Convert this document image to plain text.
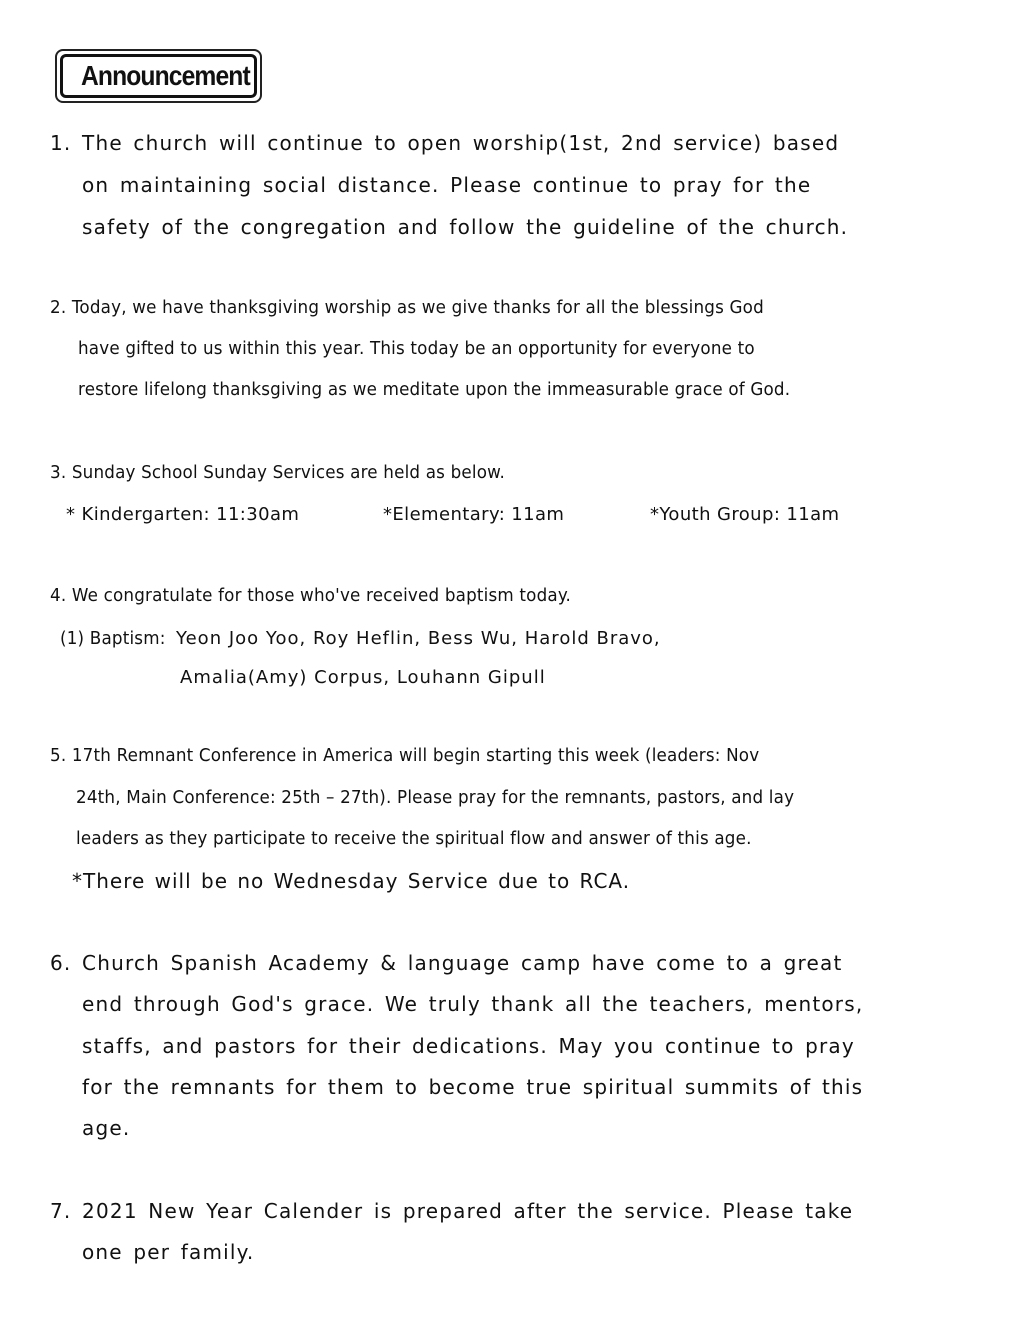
Announcement
1. The church will continue to open worship(1st, 2nd service) based
on maintaining social distance. Please continue to pray for the
safety of the congregation and follow the guideline of the church.
2. Today, we have thanksgiving worship as we give thanks for all the blessings God
have gifted to us within this year. This today be an opportunity for everyone to
restore lifelong thanksgiving as we meditate upon the immeasurable grace of God.
3. Sunday School Sunday Services are held as below.
* Kindergarten: 11:30am	*Elementary: 11am	*Youth Group: 11am
4. We congratulate for those who've received baptism today.
(1) Baptism: Yeon Joo Yoo, Roy Heflin, Bess Wu, Harold Bravo,
Amalia(Amy) Corpus, Louhann Gipull
5. 17th Remnant Conference in America will begin starting this week (leaders: Nov
24th, Main Conference: 25th – 27th). Please pray for the remnants, pastors, and lay
leaders as they participate to receive the spiritual flow and answer of this age.
*There will be no Wednesday Service due to RCA.
6. Church Spanish Academy & language camp have come to a great
end through God's grace. We truly thank all the teachers, mentors,
staffs, and pastors for their dedications. May you continue to pray
for the remnants for them to become true spiritual summits of this
age.
7. 2021 New Year Calender is prepared after the service. Please take
one per family.
